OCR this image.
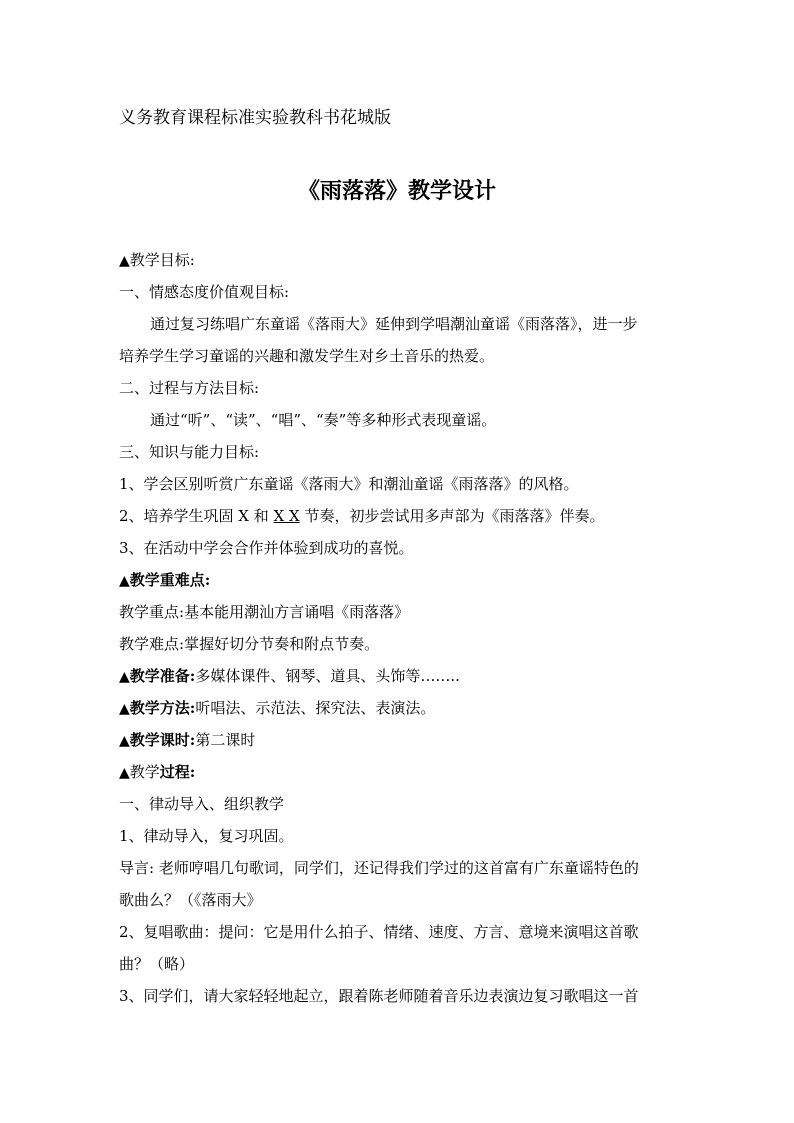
义务教育课程标准实验教科书花城版
《雨落落》教学设计
▲教学目标:
一、情感态度价值观目标:
通过复习练唱广东童谣《落雨大》延伸到学唱潮汕童谣《雨落落》，进一步
培养学生学习童谣的兴趣和激发学生对乡土音乐的热爱。
二、过程与方法目标:
通过“听”、“读”、“唱”、“奏”等多种形式表现童谣。
三、知识与能力目标:
1、学会区别听赏广东童谣《落雨大》和潮汕童谣《雨落落》的风格。
2、培养学生巩固 X 和 X X 节奏，初步尝试用多声部为《雨落落》伴奏。
3、在活动中学会合作并体验到成功的喜悦。
▲教学重难点:
教学重点:基本能用潮汕方言诵唱《雨落落》
教学难点:掌握好切分节奏和附点节奏。
▲教学准备:多媒体课件、钢琴、道具、头饰等……..
▲教学方法:听唱法、示范法、探究法、表演法。
▲教学课时:第二课时
▲教学过程:
一、律动导入、组织教学
1、律动导入，复习巩固。
导言: 老师哼唱几句歌词，同学们，还记得我们学过的这首富有广东童谣特色的
歌曲么？（《落雨大》
2、复唱歌曲：提问：它是用什么拍子、情绪、速度、方言、意境来演唱这首歌
曲？（略）
3、同学们，请大家轻轻地起立，跟着陈老师随着音乐边表演边复习歌唱这一首
